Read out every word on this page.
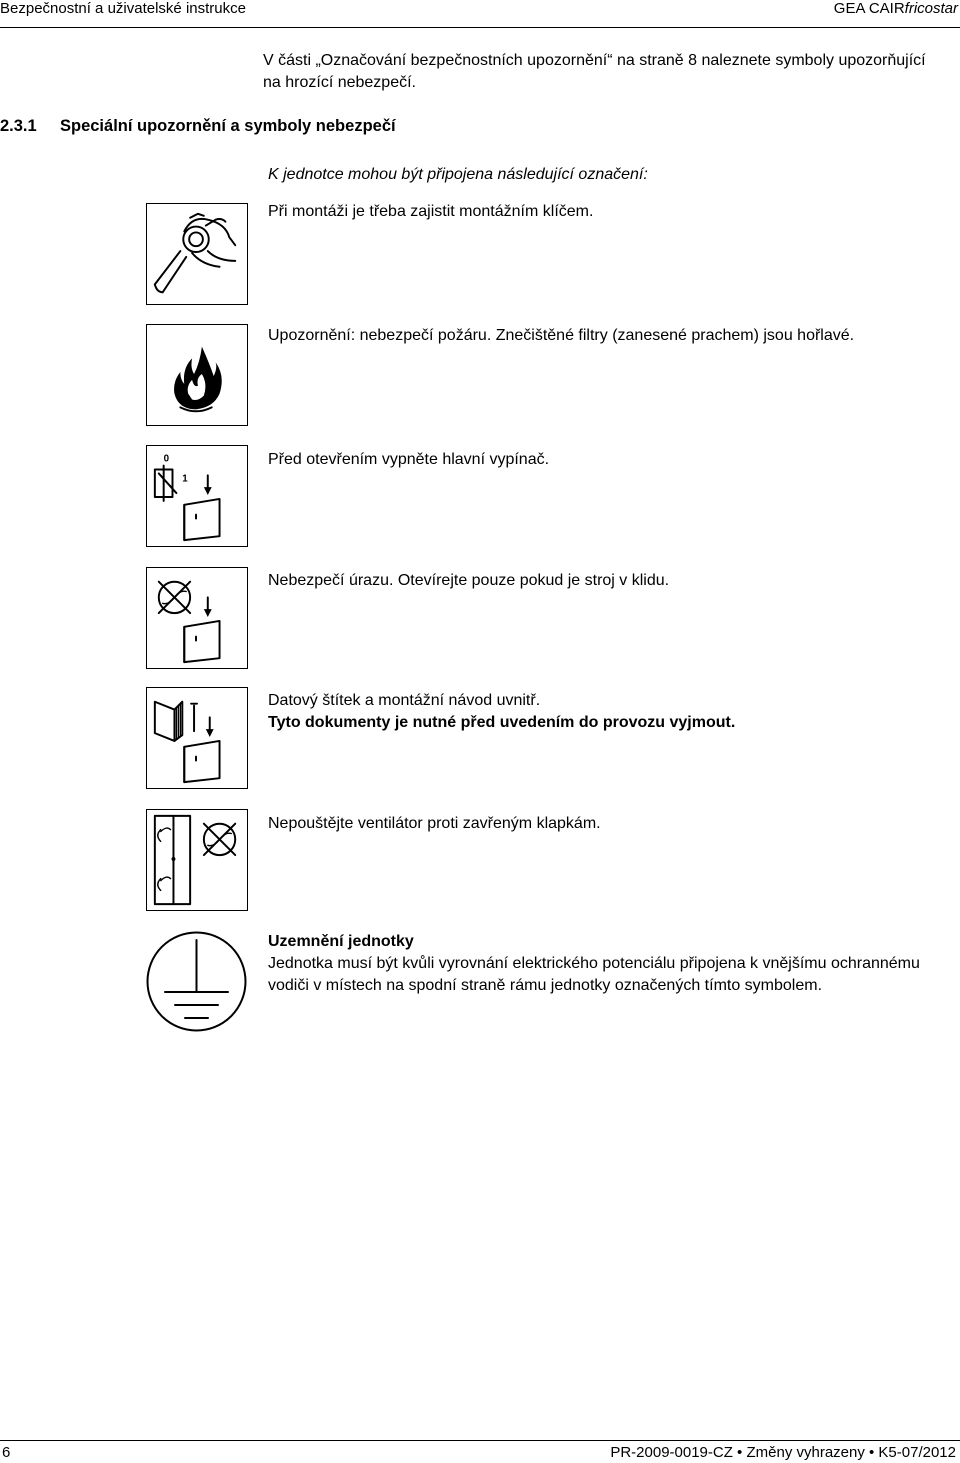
Bezpečnostní a uživatelské instrukce	GEA CAIRfricostar
V části „Označování bezpečnostních upozornění“ na straně 8 naleznete symboly upozorňující na hrozící nebezpečí.
2.3.1 Speciální upozornění a symboly nebezpečí
K jednotce mohou být připojena následující označení:
Při montáži je třeba zajistit montážním klíčem.
Upozornění: nebezpečí požáru. Znečištěné filtry (zanesené prachem) jsou hořlavé.
0
1
Před otevřením vypněte hlavní vypínač.
Nebezpečí úrazu. Otevírejte pouze pokud je stroj v klidu.
Datový štítek a montážní návod uvnitř.
Tyto dokumenty je nutné před uvedením do provozu vyjmout.
Nepouštějte ventilátor proti zavřeným klapkám.
Uzemnění jednotky
Jednotka musí být kvůli vyrovnání elektrického potenciálu připojena k vnějšímu ochrannému vodiči v místech na spodní straně rámu jednotky označených tímto symbolem.
6	PR-2009-0019-CZ • Změny vyhrazeny • K5-07/2012
